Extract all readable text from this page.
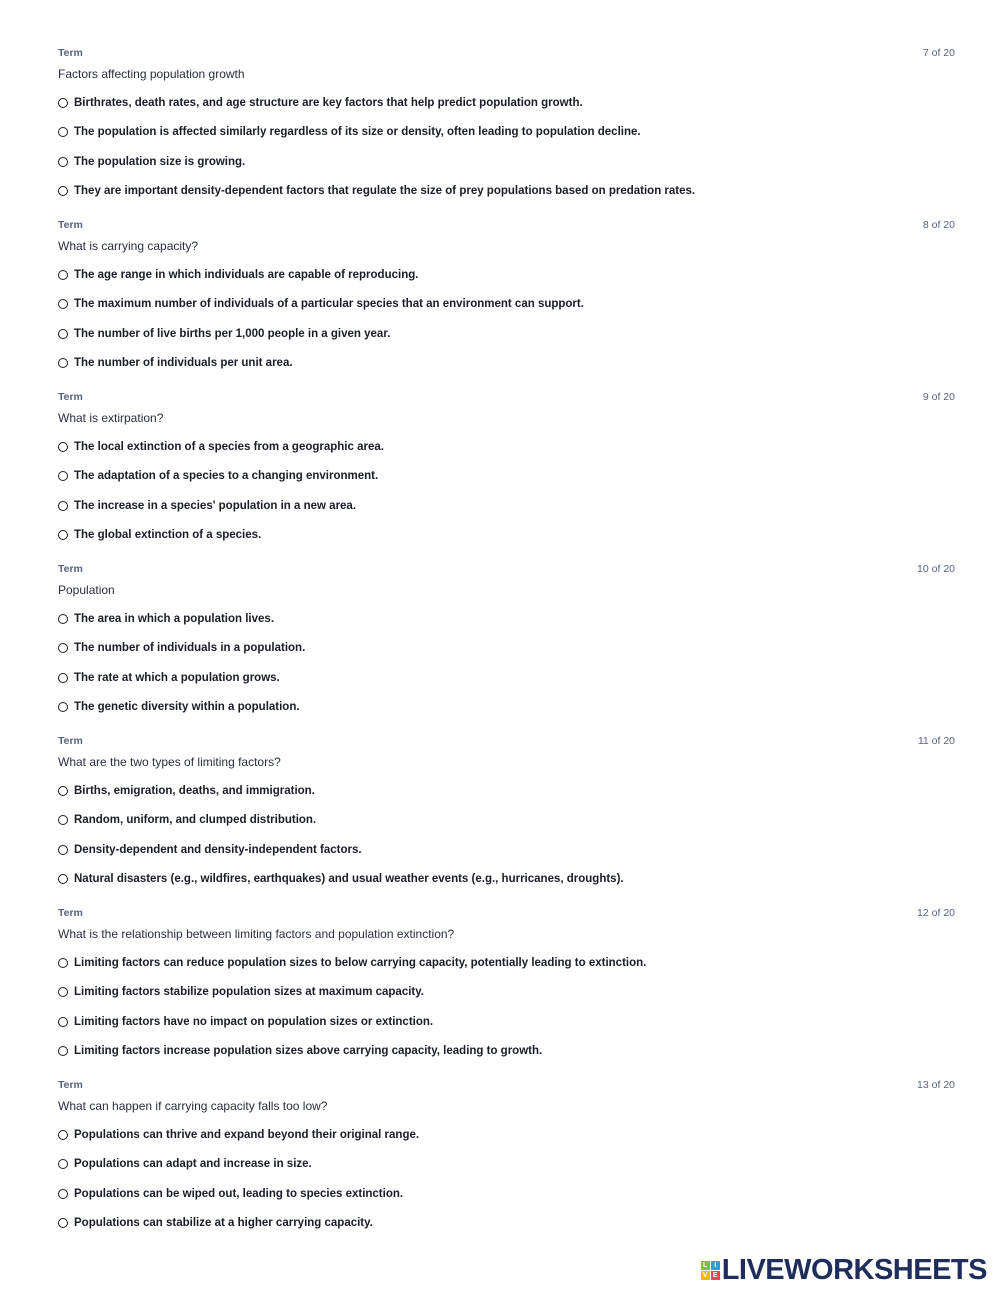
Term	7 of 20
Factors affecting population growth
Birthrates, death rates, and age structure are key factors that help predict population growth.
The population is affected similarly regardless of its size or density, often leading to population decline.
The population size is growing.
They are important density-dependent factors that regulate the size of prey populations based on predation rates.
Term	8 of 20
What is carrying capacity?
The age range in which individuals are capable of reproducing.
The maximum number of individuals of a particular species that an environment can support.
The number of live births per 1,000 people in a given year.
The number of individuals per unit area.
Term	9 of 20
What is extirpation?
The local extinction of a species from a geographic area.
The adaptation of a species to a changing environment.
The increase in a species' population in a new area.
The global extinction of a species.
Term	10 of 20
Population
The area in which a population lives.
The number of individuals in a population.
The rate at which a population grows.
The genetic diversity within a population.
Term	11 of 20
What are the two types of limiting factors?
Births, emigration, deaths, and immigration.
Random, uniform, and clumped distribution.
Density-dependent and density-independent factors.
Natural disasters (e.g., wildfires, earthquakes) and usual weather events (e.g., hurricanes, droughts).
Term	12 of 20
What is the relationship between limiting factors and population extinction?
Limiting factors can reduce population sizes to below carrying capacity, potentially leading to extinction.
Limiting factors stabilize population sizes at maximum capacity.
Limiting factors have no impact on population sizes or extinction.
Limiting factors increase population sizes above carrying capacity, leading to growth.
Term	13 of 20
What can happen if carrying capacity falls too low?
Populations can thrive and expand beyond their original range.
Populations can adapt and increase in size.
Populations can be wiped out, leading to species extinction.
Populations can stabilize at a higher carrying capacity.
L I
V E LIVEWORKSHEETS
